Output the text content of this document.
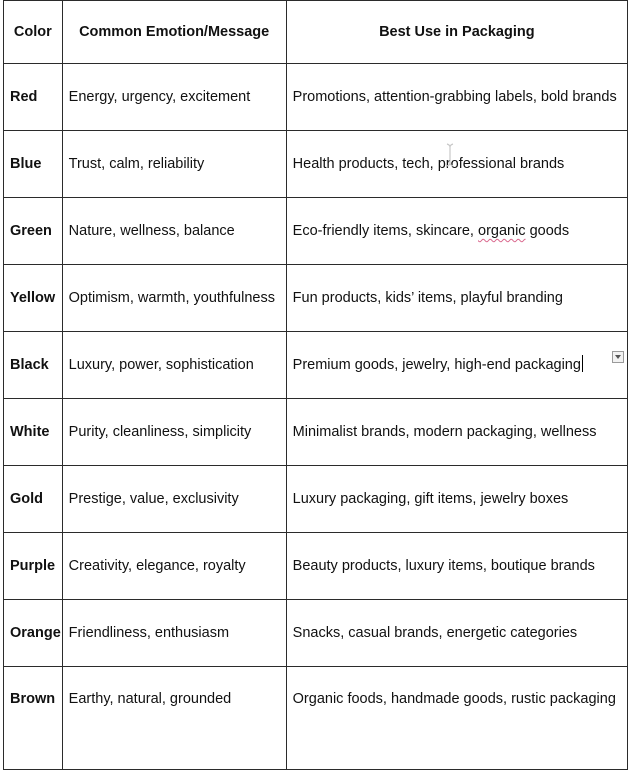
Color	Common Emotion/Message	Best Use in Packaging
Red	Energy, urgency, excitement	Promotions, attention-grabbing labels, bold brands
Blue	Trust, calm, reliability	Health products, tech, professional brands
Green	Nature, wellness, balance	Eco-friendly items, skincare, organic goods
Yellow	Optimism, warmth, youthfulness	Fun products, kids’ items, playful branding
Black	Luxury, power, sophistication	Premium goods, jewelry, high-end packaging
White	Purity, cleanliness, simplicity	Minimalist brands, modern packaging, wellness
Gold	Prestige, value, exclusivity	Luxury packaging, gift items, jewelry boxes
Purple	Creativity, elegance, royalty	Beauty products, luxury items, boutique brands
Orange	Friendliness, enthusiasm	Snacks, casual brands, energetic categories
Brown	Earthy, natural, grounded	Organic foods, handmade goods, rustic packaging
